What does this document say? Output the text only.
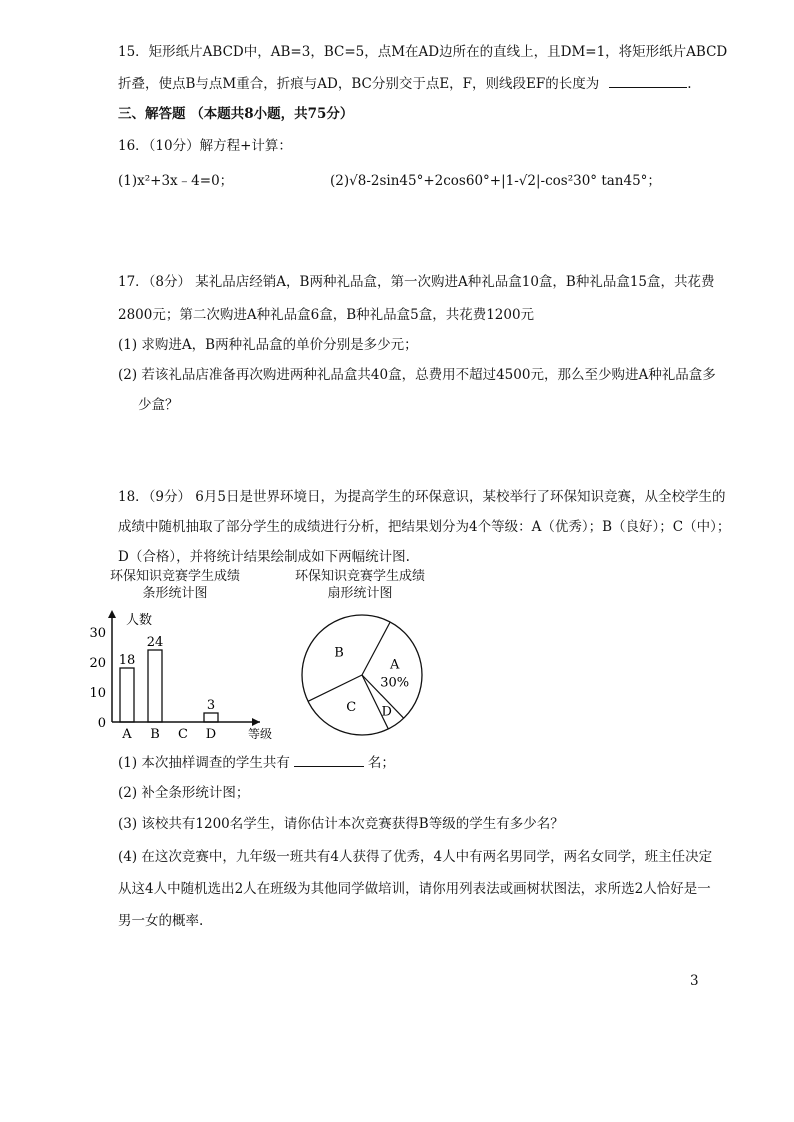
15．矩形纸片ABCD中，AB=3，BC=5，点M在AD边所在的直线上，且DM=1，将矩形纸片ABCD
折叠，使点B与点M重合，折痕与AD，BC分别交于点E，F，则线段EF的长度为	.
三、解答题 （本题共8小题，共75分）
16．（10分）解方程+计算：
(1)x²+3x﹣4=0；	(2)√8-2sin45°+2cos60°+|1-√2|-cos²30° tan45°；
17．（8分） 某礼品店经销A，B两种礼品盒，第一次购进A种礼品盒10盒，B种礼品盒15盒，共花费
2800元；第二次购进A种礼品盒6盒，B种礼品盒5盒，共花费1200元
(1) 求购进A，B两种礼品盒的单价分别是多少元；
(2) 若该礼品店准备再次购进两种礼品盒共40盒，总费用不超过4500元，那么至少购进A种礼品盒多
少盒？
18．（9分） 6月5日是世界环境日，为提高学生的环保意识，某校举行了环保知识竞赛，从全校学生的
成绩中随机抽取了部分学生的成绩进行分析，把结果划分为4个等级：A（优秀）；B（良好）；C（中）；
D（合格），并将统计结果绘制成如下两幅统计图.
环保知识竞赛学生成绩
条形统计图
环保知识竞赛学生成绩
扇形统计图
0
10
20
30
18
A
24
B C
3
D
人数
等级
A
30%
D
C
B
(1) 本次抽样调查的学生共有	名；
(2) 补全条形统计图；
(3) 该校共有1200名学生，请你估计本次竞赛获得B等级的学生有多少名？
(4) 在这次竞赛中，九年级一班共有4人获得了优秀，4人中有两名男同学，两名女同学，班主任决定
从这4人中随机选出2人在班级为其他同学做培训，请你用列表法或画树状图法，求所选2人恰好是一
男一女的概率.
3
